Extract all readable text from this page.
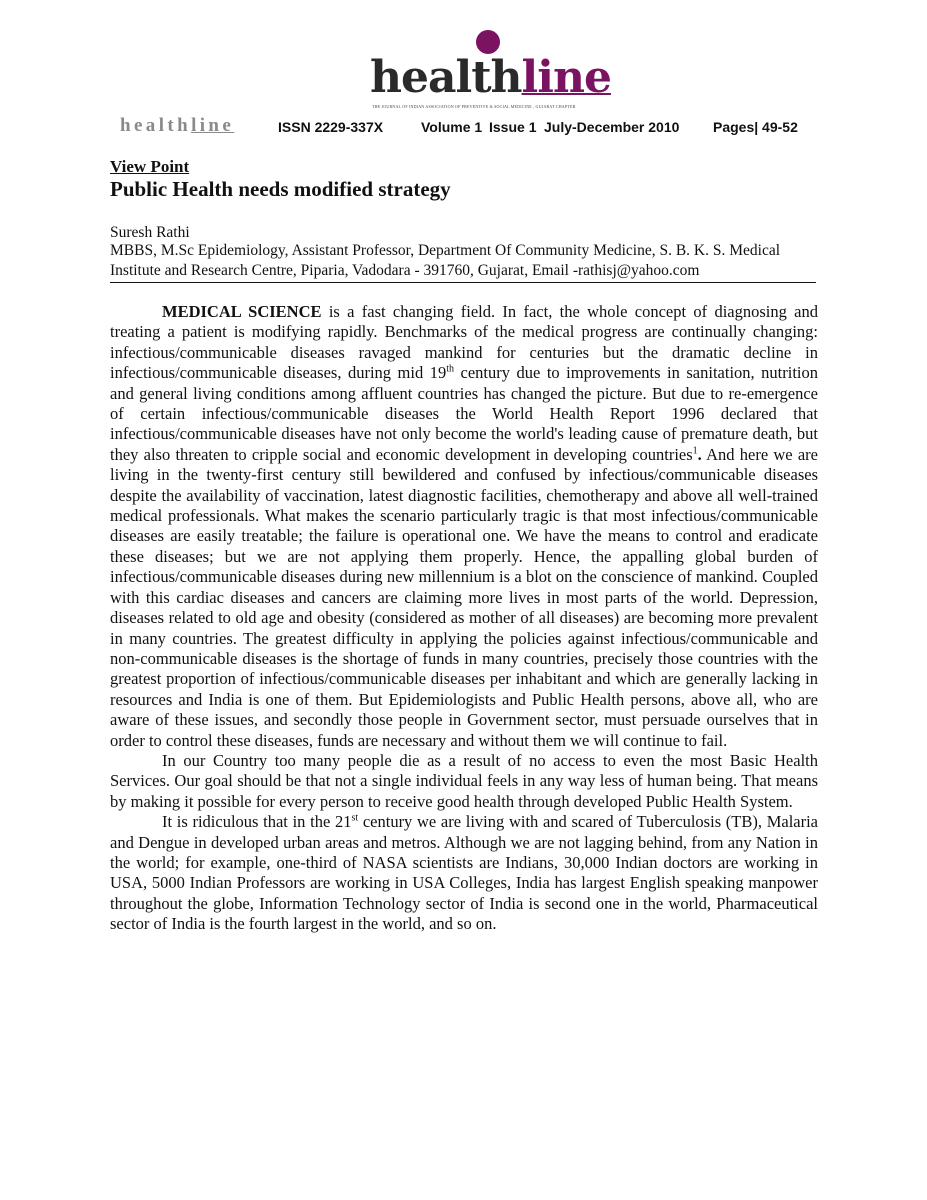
healthline
THE JOURNAL OF INDIAN ASSOCIATION OF PREVENTIVE & SOCIAL MEDICINE , GUJARAT CHAPTER
healthline	ISSN 2229-337X	Volume 1 Issue 1 July-December 2010 Pages| 49-52
View Point
Public Health needs modified strategy
Suresh Rathi
MBBS, M.Sc Epidemiology, Assistant Professor, Department Of Community Medicine, S. B. K. S. Medical Institute and Research Centre, Piparia, Vadodara - 391760, Gujarat, Email -rathisj@yahoo.com

MEDICAL SCIENCE is a fast changing field. In fact, the whole concept of diagnosing and treating a patient is modifying rapidly. Benchmarks of the medical progress are continually changing: infectious/communicable diseases ravaged mankind for centuries but the dramatic decline in infectious/communicable diseases, during mid 19th century due to improvements in sanitation, nutrition and general living conditions among affluent countries has changed the picture. But due to re-emergence of certain infectious/communicable diseases the World Health Report 1996 declared that infectious/communicable diseases have not only become the world's leading cause of premature death, but they also threaten to cripple social and economic development in developing countries$^1$. And here we are living in the twenty-first century still bewildered and confused by infectious/communicable diseases despite the availability of vaccination, latest diagnostic facilities, chemotherapy and above all well-trained medical professionals. What makes the scenario particularly tragic is that most infectious/communicable diseases are easily treatable; the failure is operational one. We have the means to control and eradicate these diseases; but we are not applying them properly. Hence, the appalling global burden of infectious/communicable diseases during new millennium is a blot on the conscience of mankind. Coupled with this cardiac diseases and cancers are claiming more lives in most parts of the world. Depression, diseases related to old age and obesity (considered as mother of all diseases) are becoming more prevalent in many countries. The greatest difficulty in applying the policies against infectious/communicable and non-communicable diseases is the shortage of funds in many countries, precisely those countries with the greatest proportion of infectious/communicable diseases per inhabitant and which are generally lacking in resources and India is one of them. But Epidemiologists and Public Health persons, above all, who are aware of these issues, and secondly those people in Government sector, must persuade ourselves that in order to control these diseases, funds are necessary and without them we will continue to fail.

In our Country too many people die as a result of no access to even the most Basic Health Services. Our goal should be that not a single individual feels in any way less of human being. That means by making it possible for every person to receive good health through developed Public Health System.

It is ridiculous that in the 21st century we are living with and scared of Tuberculosis (TB), Malaria and Dengue in developed urban areas and metros. Although we are not lagging behind, from any Nation in the world; for example, one-third of NASA scientists are Indians, 30,000 Indian doctors are working in USA, 5000 Indian Professors are working in USA Colleges, India has largest English speaking manpower throughout the globe, Information Technology sector of India is second one in the world, Pharmaceutical sector of India is the fourth largest in the world, and so on.
